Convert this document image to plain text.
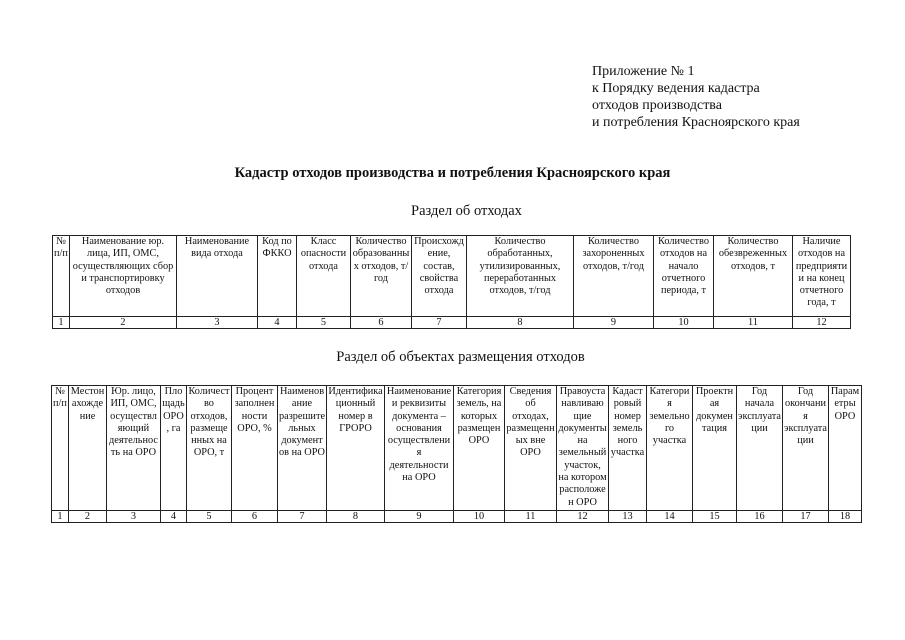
Приложение № 1
к Порядку ведения кадастра
отходов производства
и потребления Красноярского края
Кадастр отходов производства и потребления Красноярского края
Раздел об отходах
№ п/п	Наименование юр. лица, ИП, ОМС, осуществляющих сбор и транспортировку отходов	Наименование вида отхода	Код по ФККО	Класс опасности отхода	Количество образованных отходов, т/год	Происхождение, состав, свойства отхода	Количество обработанных, утилизированных, переработанных отходов, т/год	Количество захороненных отходов, т/год	Количество отходов на начало отчетного периода, т	Количество обезвреженных отходов, т	Наличие отходов на предприятии на конец отчетного года, т
1	2	3	4	5	6	7	8	9	10	11	12
Раздел об объектах размещения отходов
№ п/п	Местонахождение	Юр. лицо, ИП, ОМС, осуществляющий деятельность на ОРО	Площадь ОРО, га	Количество отходов, размещенных на ОРО, т	Процент заполненности ОРО, %	Наименование разрешительных документов на ОРО	Идентификационный номер в ГРОРО	Наименование и реквизиты документа – основания осуществления деятельности на ОРО	Категория земель, на которых размещен ОРО	Сведения об отходах, размещенных вне ОРО	Правоустанавливающие документы на земельный участок, на котором расположен ОРО	Кадастровый номер земельного участка	Категория земельного участка	Проектная документация	Год начала эксплуатации	Год окончания эксплуатации	Параметры ОРО
1	2	3	4	5	6	7	8	9	10	11	12	13	14	15	16	17	18
